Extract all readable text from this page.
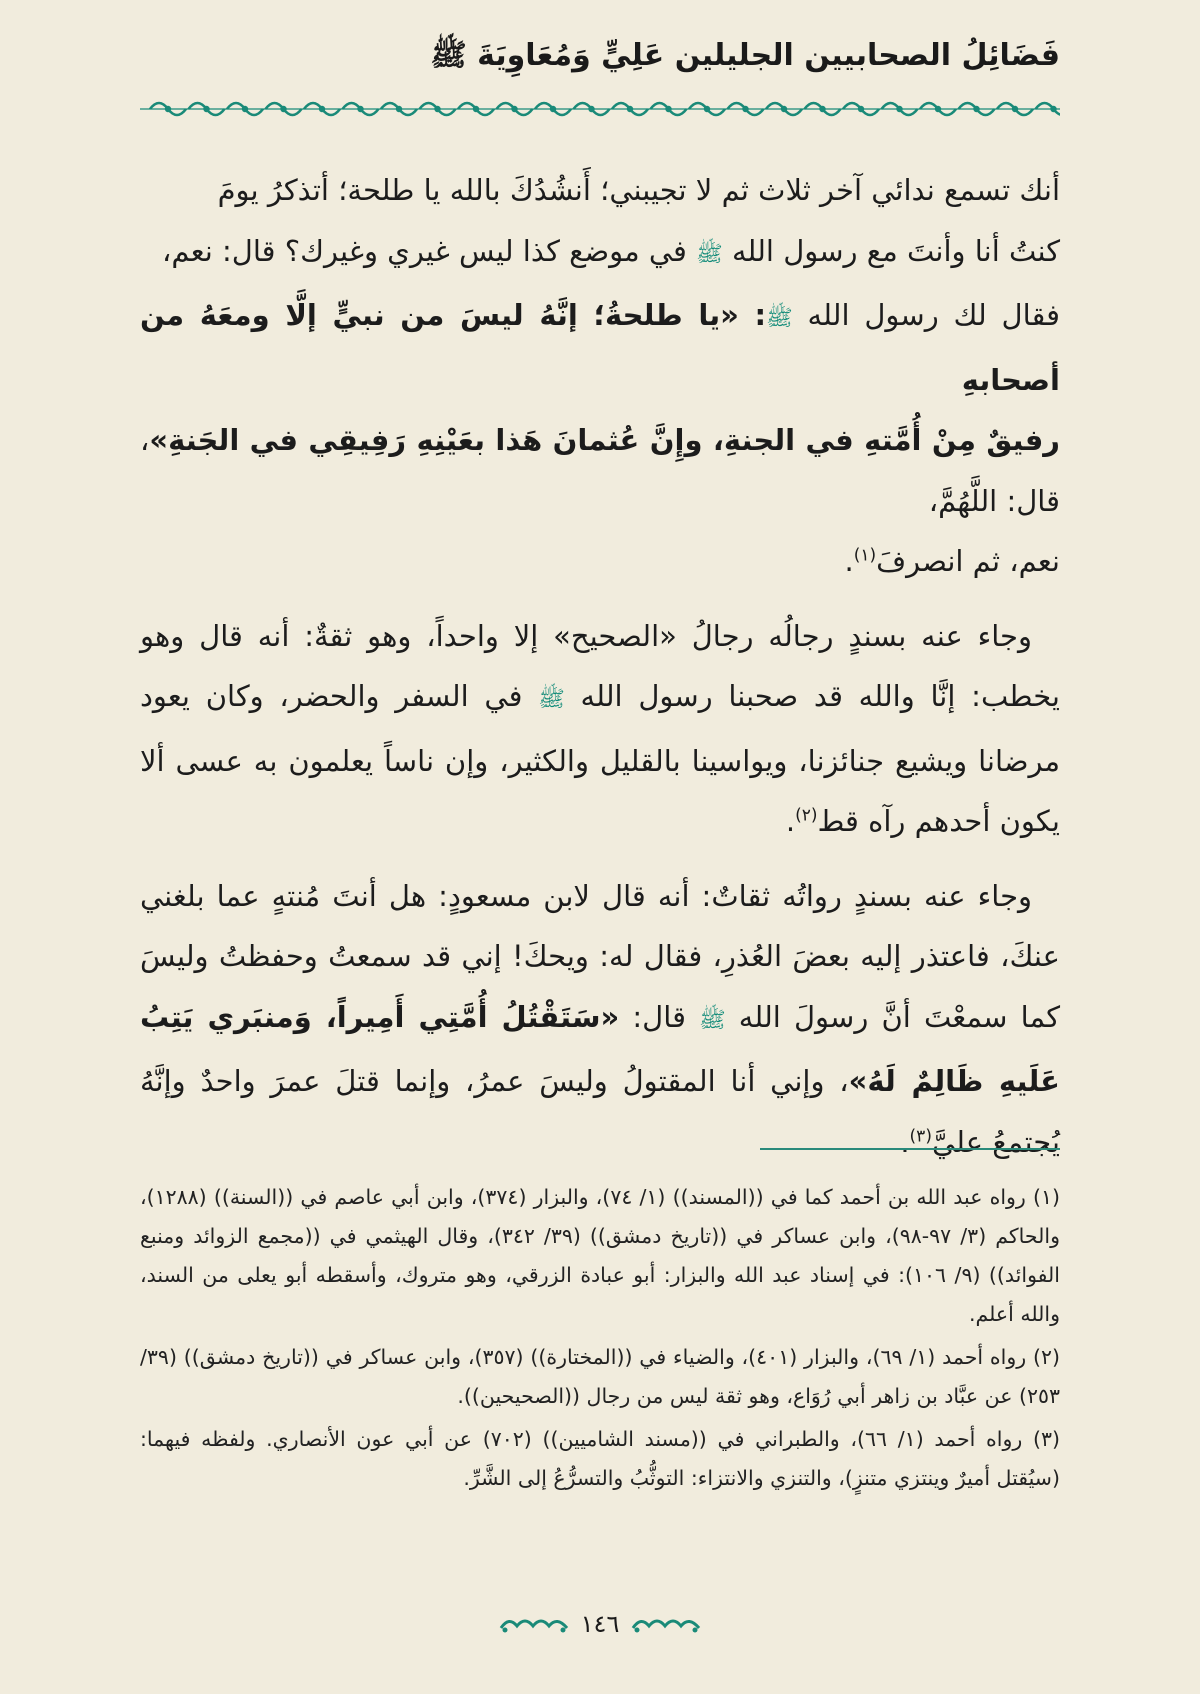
فَضَائِلُ الصحابيين الجليلين عَلِيٍّ وَمُعَاوِيَةَ ﷺ

أنك تسمع ندائي آخر ثلاث ثم لا تجيبني؛ أَنشُدُكَ بالله يا طلحة؛ أتذكرُ يومَ

كنتُ أنا وأنتَ مع رسول الله ﷺ في موضع كذا ليس غيري وغيرك؟ قال: نعم،

فقال لك رسول الله ﷺ: «يا طلحةُ؛ إنَّهُ ليسَ من نبيٍّ إلَّا ومعَهُ من أصحابهِ

رفيقٌ مِنْ أُمَّتهِ في الجنةِ، وإِنَّ عُثمانَ هَذا بعَيْنِهِ رَفِيقِي في الجَنةِ»، قال: اللَّهُمَّ،

نعم، ثم انصرفَ$^{(١)}$.

وجاء عنه بسندٍ رجالُه رجالُ «الصحيح» إلا واحداً، وهو ثقةٌ: أنه قال وهو يخطب: إنَّا والله قد صحبنا رسول الله ﷺ في السفر والحضر، وكان يعود مرضانا ويشيع جنائزنا، ويواسينا بالقليل والكثير، وإن ناساً يعلمون به عسى ألا يكون أحدهم رآه قط$^{(٢)}$.

وجاء عنه بسندٍ رواتُه ثقاتٌ: أنه قال لابن مسعودٍ: هل أنتَ مُنتهٍ عما بلغني عنكَ، فاعتذر إليه بعضَ العُذرِ، فقال له: ويحكَ! إني قد سمعتُ وحفظتُ وليسَ كما سمعْتَ أنَّ رسولَ الله ﷺ قال: «سَتَقْتُلُ أُمَّتِي أَمِيراً، وَمنبَري يَتِبُ عَلَيهِ ظَالِمٌ لَهُ»، وإني أنا المقتولُ وليسَ عمرُ، وإنما قتلَ عمرَ واحدٌ وإنَّهُ يُجتمعُ عليَّ$^{(٣)}$.

(١) رواه عبد الله بن أحمد كما في ((المسند)) (١/ ٧٤)، والبزار (٣٧٤)، وابن أبي عاصم في ((السنة)) (١٢٨٨)، والحاكم (٣/ ٩٧-٩٨)، وابن عساكر في ((تاريخ دمشق)) (٣٩/ ٣٤٢)، وقال الهيثمي في ((مجمع الزوائد ومنبع الفوائد)) (٩/ ١٠٦): في إسناد عبد الله والبزار: أبو عبادة الزرقي، وهو متروك، وأسقطه أبو يعلى من السند، والله أعلم.

(٢) رواه أحمد (١/ ٦٩)، والبزار (٤٠١)، والضياء في ((المختارة)) (٣٥٧)، وابن عساكر في ((تاريخ دمشق)) (٣٩/ ٢٥٣) عن عبَّاد بن زاهر أبي رُوَاع، وهو ثقة ليس من رجال ((الصحيحين)).

(٣) رواه أحمد (١/ ٦٦)، والطبراني في ((مسند الشاميين)) (٧٠٢) عن أبي عون الأنصاري. ولفظه فيهما: (سيُقتل أميرٌ وينتزي متنزٍ)، والتنزي والانتزاء: التوثُّبُ والتسرُّعُ إلى الشَّرِّ.

١٤٦
